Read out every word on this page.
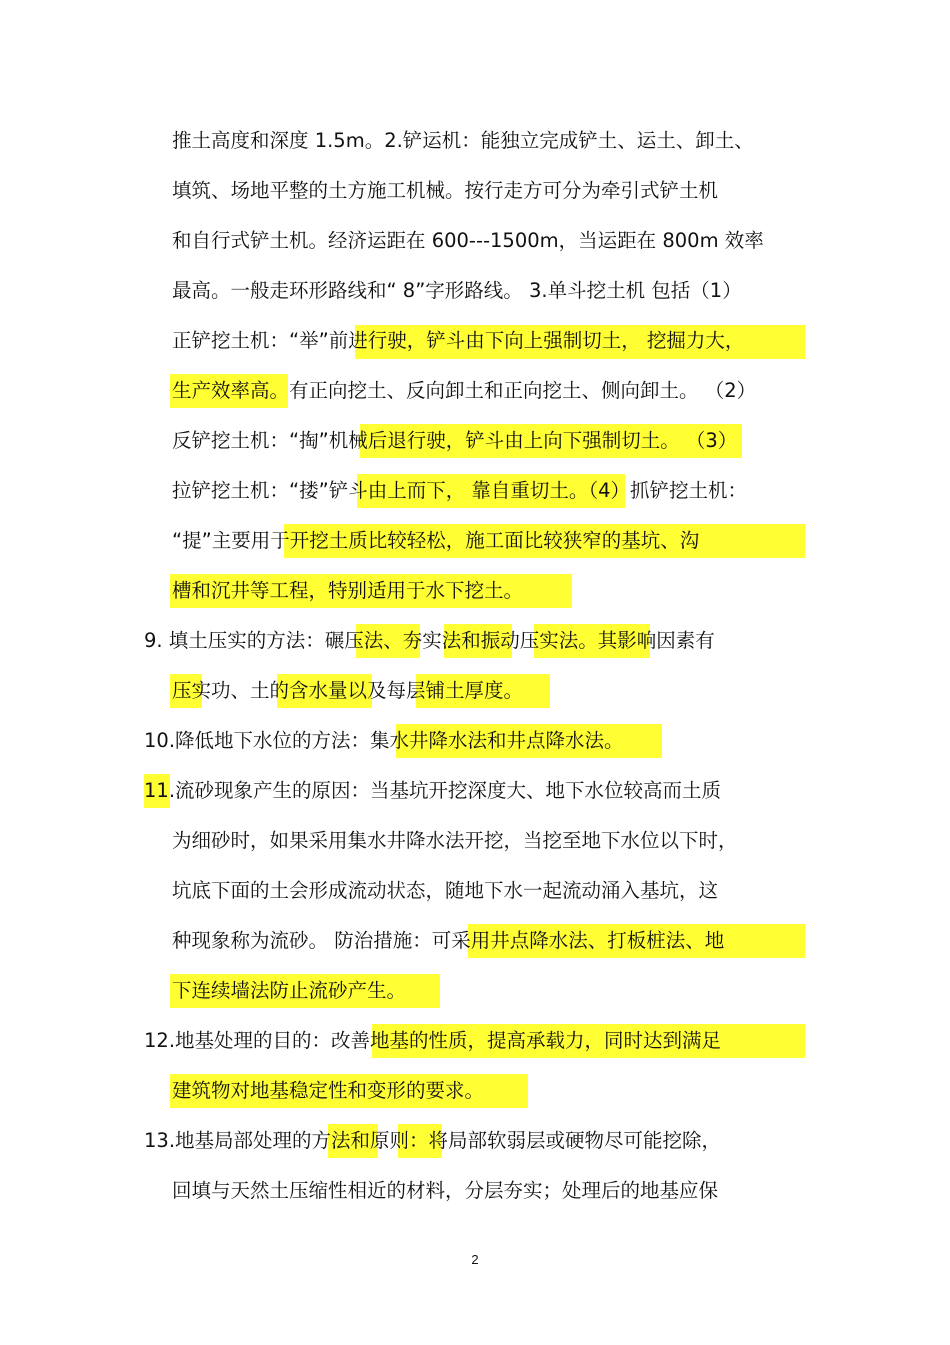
推土高度和深度 1.5m。2.铲运机：能独立完成铲土、运土、卸土、
填筑、场地平整的土方施工机械。按行走方可分为牵引式铲土机
和自行式铲土机。经济运距在 600---1500m，当运距在 800m 效率
最高。一般走环形路线和“ 8”字形路线。 3.单斗挖土机 包括（1）
正铲挖土机：“举”前进行驶，铲斗由下向上强制切土， 挖掘力大，
生产效率高。有正向挖土、反向卸土和正向挖土、侧向卸土。 （2）
反铲挖土机：“掏”机械后退行驶，铲斗由上向下强制切土。 （3）
拉铲挖土机：“搂”铲斗由上而下， 靠自重切土。（4）抓铲挖土机：
“提”主要用于开挖土质比较轻松，施工面比较狭窄的基坑、沟
槽和沉井等工程，特别适用于水下挖土。
9. 填土压实的方法：碾压法、夯实法和振动压实法。其影响因素有
压实功、土的含水量以及每层铺土厚度。
10.降低地下水位的方法：集水井降水法和井点降水法。
11.流砂现象产生的原因：当基坑开挖深度大、地下水位较高而土质
为细砂时，如果采用集水井降水法开挖，当挖至地下水位以下时，
坑底下面的土会形成流动状态，随地下水一起流动涌入基坑，这
种现象称为流砂。 防治措施：可采用井点降水法、打板桩法、地
下连续墙法防止流砂产生。
12.地基处理的目的：改善地基的性质，提高承载力，同时达到满足
建筑物对地基稳定性和变形的要求。
13.地基局部处理的方法和原则：将局部软弱层或硬物尽可能挖除，
回填与天然土压缩性相近的材料，分层夯实；处理后的地基应保
2
